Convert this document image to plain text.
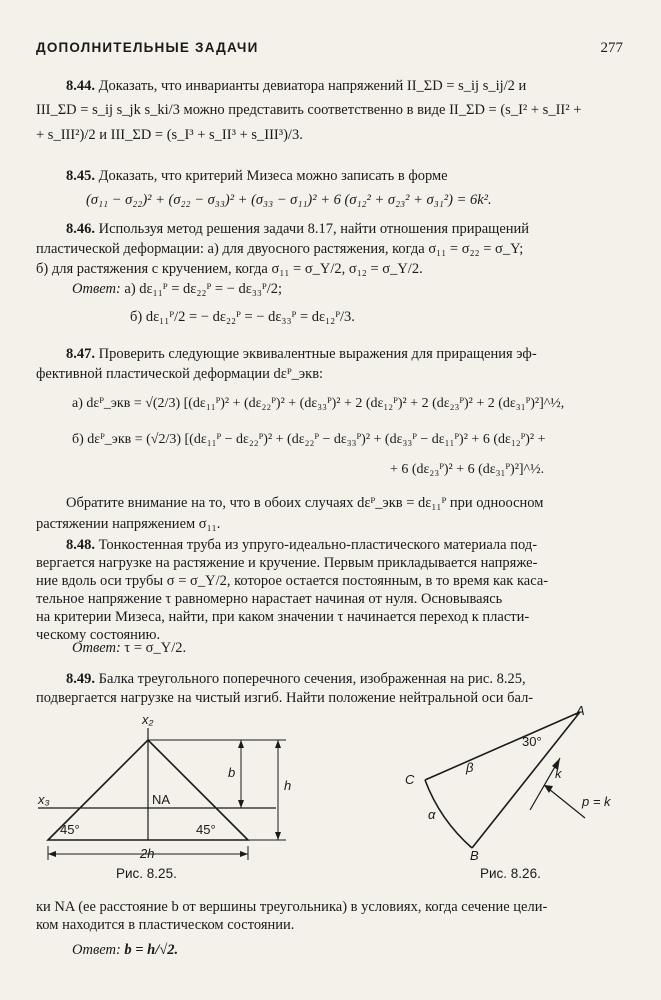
ДОПОЛНИТЕЛЬНЫЕ ЗАДАЧИ	277
8.44. Доказать, что инварианты девиатора напряжений II_ΣD = s_ij s_ij/2 и
III_ΣD = s_ij s_jk s_ki/3 можно представить соответственно в виде II_ΣD = (s_I² + s_II² +
+ s_III²)/2 и III_ΣD = (s_I³ + s_II³ + s_III³)/3.
8.45. Доказать, что критерий Мизеса можно записать в форме
(σ₁₁ − σ₂₂)² + (σ₂₂ − σ₃₃)² + (σ₃₃ − σ₁₁)² + 6 (σ₁₂² + σ₂₃² + σ₃₁²) = 6k².
8.46. Используя метод решения задачи 8.17, найти отношения приращений
пластической деформации: а) для двуосного растяжения, когда σ₁₁ = σ₂₂ = σ_Y;
б) для растяжения с кручением, когда σ₁₁ = σ_Y/2, σ₁₂ = σ_Y/2.
Ответ: а) dε₁₁ᴾ = dε₂₂ᴾ = − dε₃₃ᴾ/2;
б) dε₁₁ᴾ/2 = − dε₂₂ᴾ = − dε₃₃ᴾ = dε₁₂ᴾ/3.
8.47. Проверить следующие эквивалентные выражения для приращения эф-
фективной пластической деформации dεᴾ_экв:
а) dεᴾ_экв = √(2/3) [(dε₁₁ᴾ)² + (dε₂₂ᴾ)² + (dε₃₃ᴾ)² + 2 (dε₁₂ᴾ)² + 2 (dε₂₃ᴾ)² + 2 (dε₃₁ᴾ)²]^½,
б) dεᴾ_экв = (√2/3) [(dε₁₁ᴾ − dε₂₂ᴾ)² + (dε₂₂ᴾ − dε₃₃ᴾ)² + (dε₃₃ᴾ − dε₁₁ᴾ)² + 6 (dε₁₂ᴾ)² +
+ 6 (dε₂₃ᴾ)² + 6 (dε₃₁ᴾ)²]^½.
Обратите внимание на то, что в обоих случаях dεᴾ_экв = dε₁₁ᴾ при одноосном
растяжении напряжением σ₁₁.
8.48. Тонкостенная труба из упруго-идеально-пластического материала под-
вергается нагрузке на растяжение и кручение. Первым прикладывается напряже-
ние вдоль оси трубы σ = σ_Y/2, которое остается постоянным, в то время как каса-
тельное напряжение τ равномерно нарастает начиная от нуля. Основываясь
на критерии Мизеса, найти, при каком значении τ начинается переход к пласти-
ческому состоянию.
Ответ: τ = σ_Y/2.
8.49. Балка треугольного поперечного сечения, изображенная на рис. 8.25,
подвергается нагрузке на чистый изгиб. Найти положение нейтральной оси бал-
x₂
x₃	NA
b
h
45°	45°
2h
Рис. 8.25.
A
B
C
30°
β
α
k
p = k
Рис. 8.26.
ки NA (ее расстояние b от вершины треугольника) в условиях, когда сечение цели-
ком находится в пластическом состоянии.
Ответ: b = h/√2.
